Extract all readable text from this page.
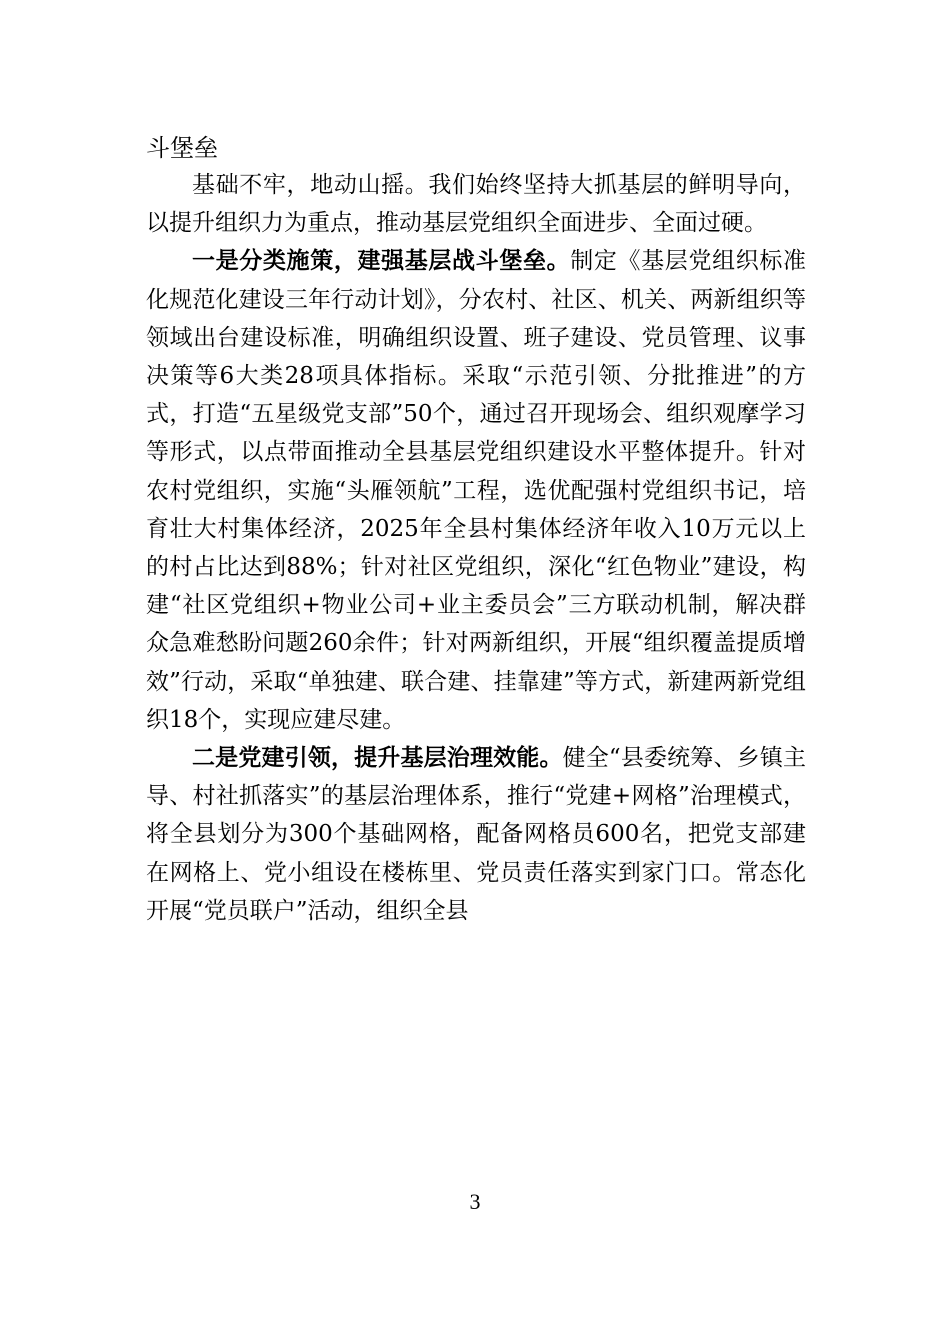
斗堡垒

基础不牢，地动山摇。我们始终坚持大抓基层的鲜明导向，以提升组织力为重点，推动基层党组织全面进步、全面过硬。

一是分类施策，建强基层战斗堡垒。制定《基层党组织标准化规范化建设三年行动计划》，分农村、社区、机关、两新组织等领域出台建设标准，明确组织设置、班子建设、党员管理、议事决策等6大类28项具体指标。采取“示范引领、分批推进”的方式，打造“五星级党支部”50个，通过召开现场会、组织观摩学习等形式，以点带面推动全县基层党组织建设水平整体提升。针对农村党组织，实施“头雁领航”工程，选优配强村党组织书记，培育壮大村集体经济，2025年全县村集体经济年收入10万元以上的村占比达到88%；针对社区党组织，深化“红色物业”建设，构建“社区党组织+物业公司+业主委员会”三方联动机制，解决群众急难愁盼问题260余件；针对两新组织，开展“组织覆盖提质增效”行动，采取“单独建、联合建、挂靠建”等方式，新建两新党组织18个，实现应建尽建。

二是党建引领，提升基层治理效能。健全“县委统筹、乡镇主导、村社抓落实”的基层治理体系，推行“党建+网格”治理模式，将全县划分为300个基础网格，配备网格员600名，把党支部建在网格上、党小组设在楼栋里、党员责任落实到家门口。常态化开展“党员联户”活动，组织全县

3
